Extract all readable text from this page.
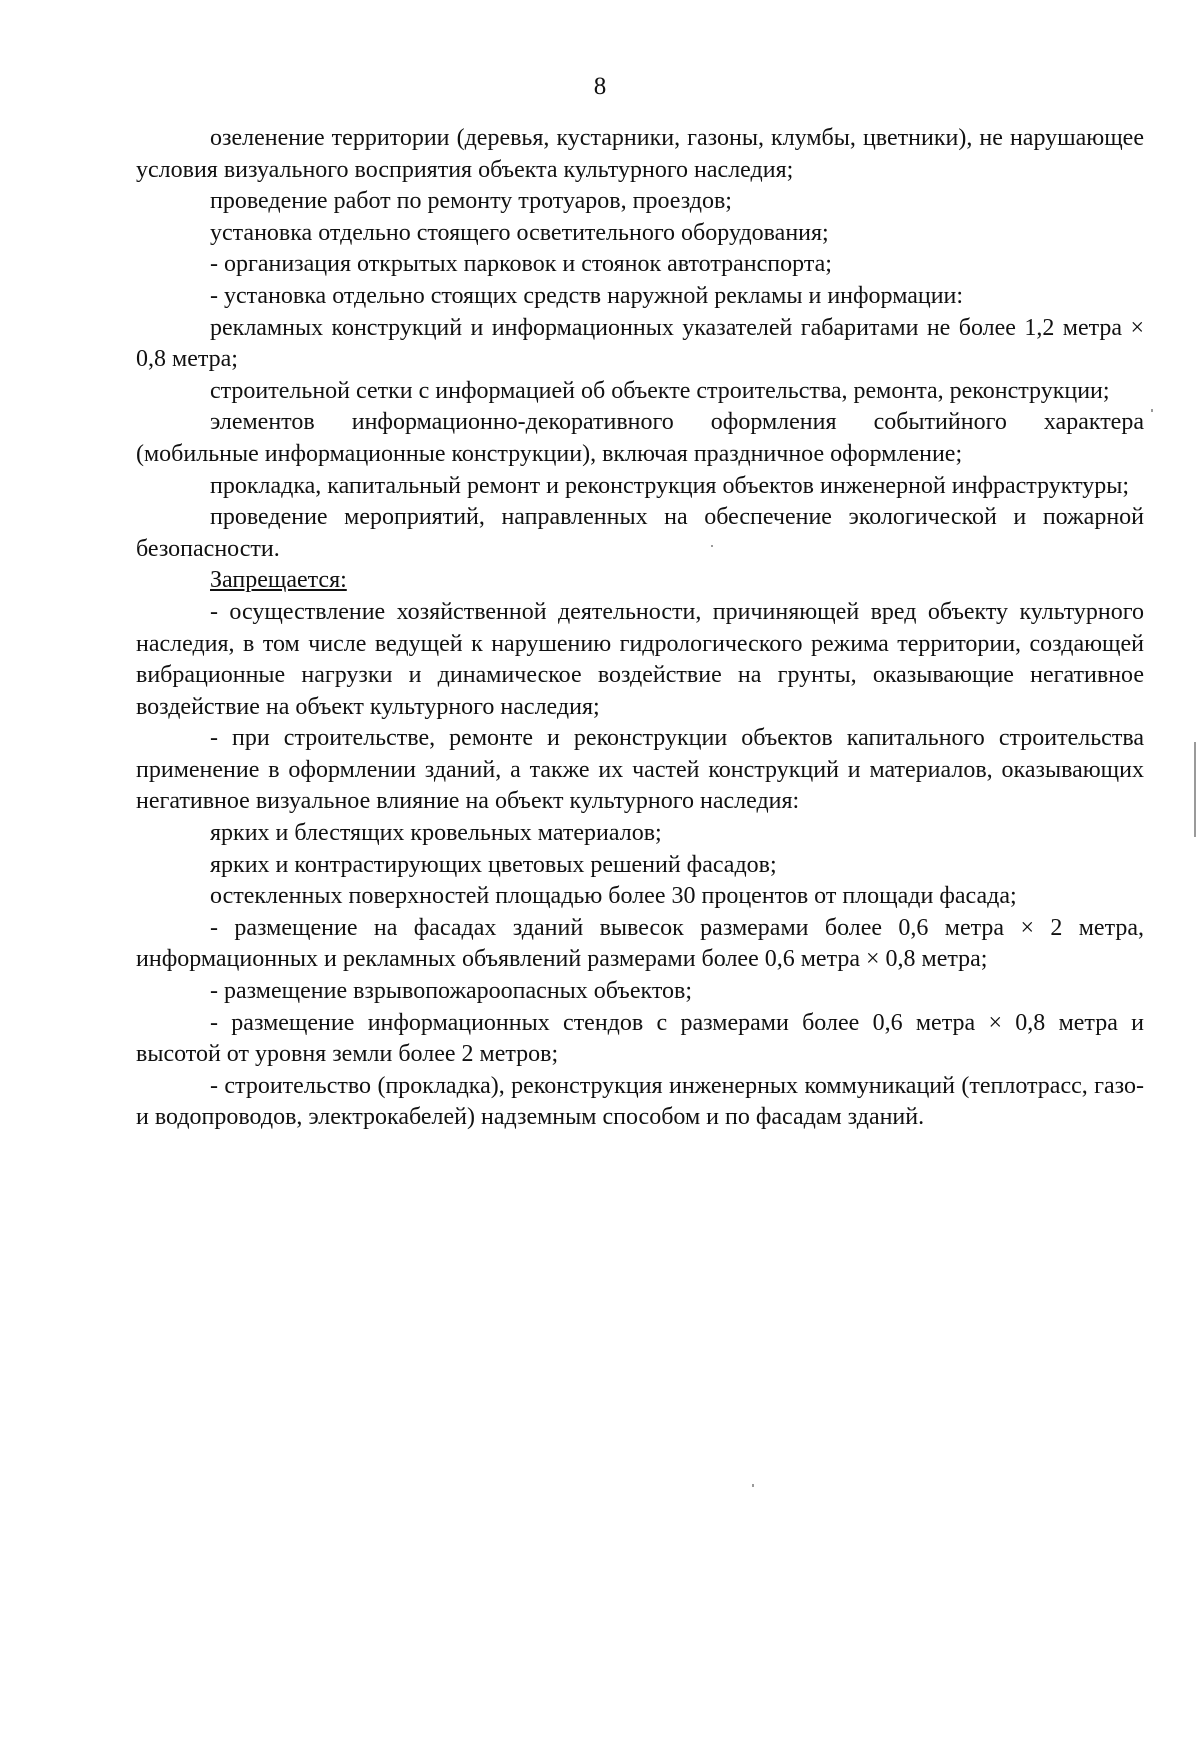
8

озеленение территории (деревья, кустарники, газоны, клумбы, цветники), не нарушающее условия визуального восприятия объекта культурного наследия;

проведение работ по ремонту тротуаров, проездов;

установка отдельно стоящего осветительного оборудования;

- организация открытых парковок и стоянок автотранспорта;

- установка отдельно стоящих средств наружной рекламы и информации:

рекламных конструкций и информационных указателей габаритами не более 1,2 метра × 0,8 метра;

строительной сетки с информацией об объекте строительства, ремонта, реконструкции;

элементов информационно-декоративного оформления событийного характера (мобильные информационные конструкции), включая праздничное оформление;

прокладка, капитальный ремонт и реконструкция объектов инженерной инфраструктуры;

проведение мероприятий, направленных на обеспечение экологической и пожарной безопасности.

Запрещается:

- осуществление хозяйственной деятельности, причиняющей вред объекту культурного наследия, в том числе ведущей к нарушению гидрологического режима территории, создающей вибрационные нагрузки и динамическое воздействие на грунты, оказывающие негативное воздействие на объект культурного наследия;

- при строительстве, ремонте и реконструкции объектов капитального строительства применение в оформлении зданий, а также их частей конструкций и материалов, оказывающих негативное визуальное влияние на объект культурного наследия:

ярких и блестящих кровельных материалов;

ярких и контрастирующих цветовых решений фасадов;

остекленных поверхностей площадью более 30 процентов от площади фасада;

- размещение на фасадах зданий вывесок размерами более 0,6 метра × 2 метра, информационных и рекламных объявлений размерами более 0,6 метра × 0,8 метра;

- размещение взрывопожароопасных объектов;

- размещение информационных стендов с размерами более 0,6 метра × 0,8 метра и высотой от уровня земли более 2 метров;

- строительство (прокладка), реконструкция инженерных коммуникаций (теплотрасс, газо- и водопроводов, электрокабелей) надземным способом и по фасадам зданий.
